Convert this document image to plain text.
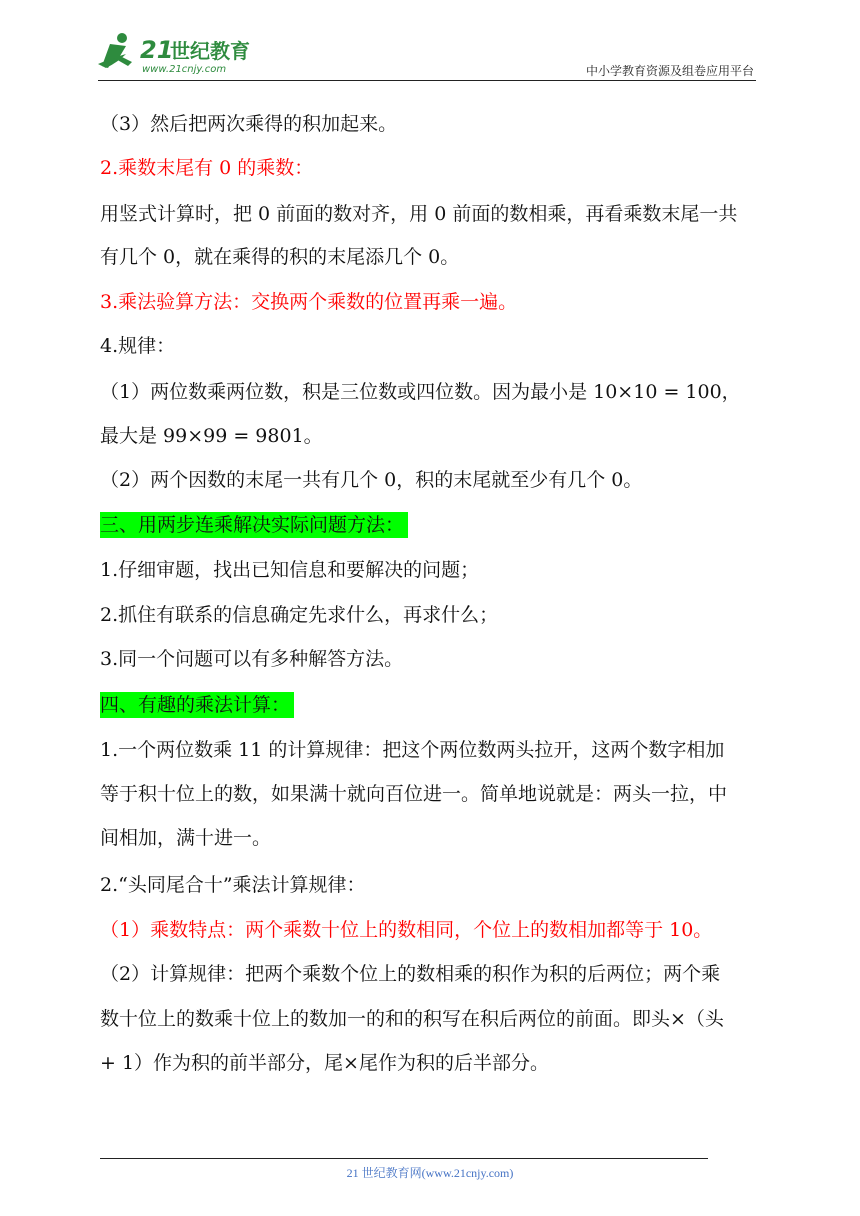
21
世纪教育
www.21cnjy.com	中小学教育资源及组卷应用平台
（3）然后把两次乘得的积加起来。
2.乘数末尾有 0 的乘数：
用竖式计算时，把 0 前面的数对齐，用 0 前面的数相乘，再看乘数末尾一共
有几个 0，就在乘得的积的末尾添几个 0。
3.乘法验算方法：交换两个乘数的位置再乘一遍。
4.规律：
（1）两位数乘两位数，积是三位数或四位数。因为最小是 10×10 = 100，
最大是 99×99 = 9801。
（2）两个因数的末尾一共有几个 0，积的末尾就至少有几个 0。
三、用两步连乘解决实际问题方法：
1.仔细审题，找出已知信息和要解决的问题；
2.抓住有联系的信息确定先求什么，再求什么；
3.同一个问题可以有多种解答方法。
四、有趣的乘法计算：
1.一个两位数乘 11 的计算规律：把这个两位数两头拉开，这两个数字相加
等于积十位上的数，如果满十就向百位进一。简单地说就是：两头一拉，中
间相加，满十进一。
2.“头同尾合十”乘法计算规律：
（1）乘数特点：两个乘数十位上的数相同，个位上的数相加都等于 10。
（2）计算规律：把两个乘数个位上的数相乘的积作为积的后两位；两个乘
数十位上的数乘十位上的数加一的和的积写在积后两位的前面。即头×（头
+ 1）作为积的前半部分，尾×尾作为积的后半部分。
21 世纪教育网(www.21cnjy.com)
